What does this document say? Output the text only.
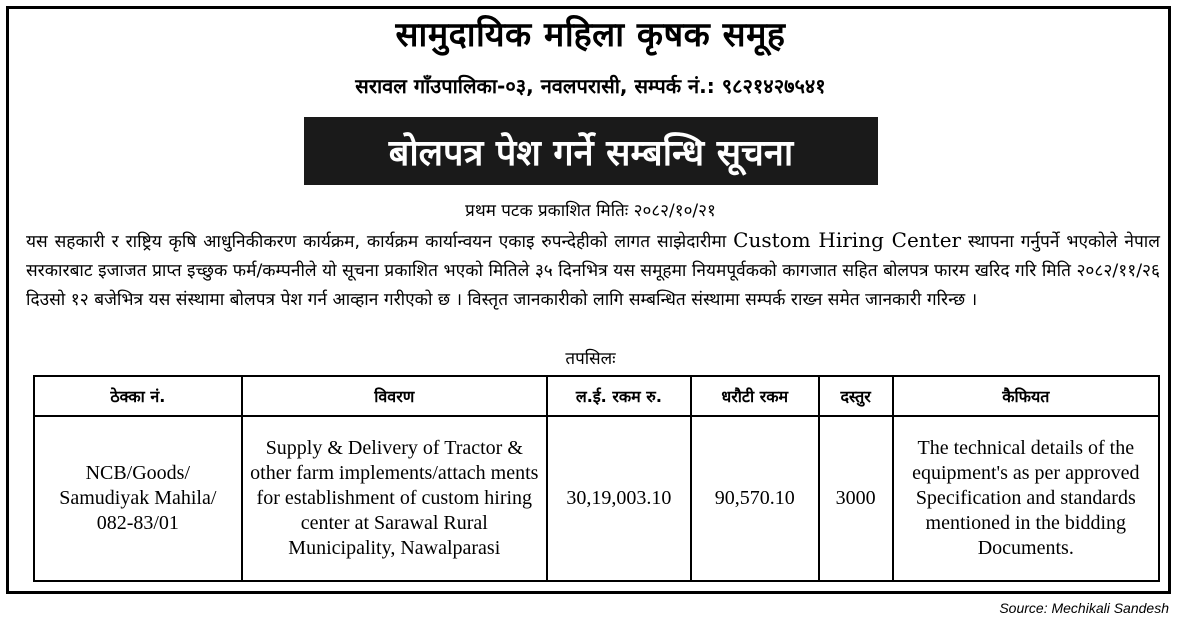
सामुदायिक महिला कृषक समूह
सरावल गाँउपालिका-०३, नवलपरासी, सम्पर्क नं.: ९८२१४२७५४१
बोलपत्र पेश गर्ने सम्बन्धि सूचना
प्रथम पटक प्रकाशित मितिः २०८२/१०/२१
यस सहकारी र राष्ट्रिय कृषि आधुनिकीकरण कार्यक्रम, कार्यक्रम कार्यान्वयन एकाइ रुपन्देहीको लागत साझेदारीमा Custom Hiring Center स्थापना गर्नुपर्ने भएकोले नेपाल सरकारबाट इजाजत प्राप्त इच्छुक फर्म/कम्पनीले यो सूचना प्रकाशित भएको मितिले ३५ दिनभित्र यस समूहमा नियमपूर्वकको कागजात सहित बोलपत्र फारम खरिद गरि मिति २०८२/११/२६ दिउसो १२ बजेभित्र यस संस्थामा बोलपत्र पेश गर्न आव्हान गरीएको छ । विस्तृत जानकारीको लागि सम्बन्धित संस्थामा सम्पर्क राख्न समेत जानकारी गरिन्छ ।
तपसिलः
ठेक्का नं.	विवरण	ल.ई. रकम रु.	धरौटी रकम	दस्तुर	कैफियत
NCB/Goods/ Samudiyak Mahila/ 082-83/01	Supply & Delivery of Tractor & other farm implements/attach ments for establishment of custom hiring center at Sarawal Rural Municipality, Nawalparasi	30,19,003.10	90,570.10	3000	The technical details of the equipment's as per approved Specification and standards mentioned in the bidding Documents.
Source: Mechikali Sandesh
